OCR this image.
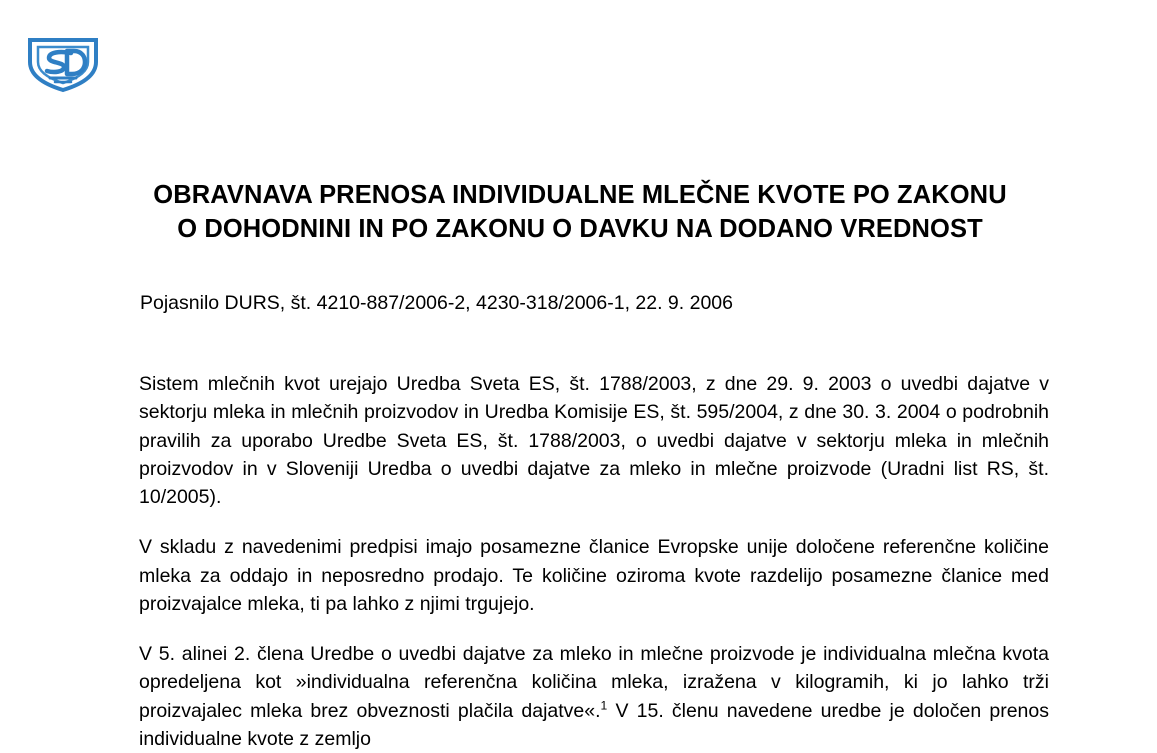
OBRAVNAVA PRENOSA INDIVIDUALNE MLEČNE KVOTE PO ZAKONU O DOHODNINI IN PO ZAKONU O DAVKU NA DODANO VREDNOST
Pojasnilo DURS, št. 4210-887/2006-2, 4230-318/2006-1, 22. 9. 2006

Sistem mlečnih kvot urejajo Uredba Sveta ES, št. 1788/2003, z dne 29. 9. 2003 o uvedbi dajatve v sektorju mleka in mlečnih proizvodov in Uredba Komisije ES, št. 595/2004, z dne 30. 3. 2004 o podrobnih pravilih za uporabo Uredbe Sveta ES, št. 1788/2003, o uvedbi dajatve v sektorju mleka in mlečnih proizvodov in v Sloveniji Uredba o uvedbi dajatve za mleko in mlečne proizvode (Uradni list RS, št. 10/2005).

V skladu z navedenimi predpisi imajo posamezne članice Evropske unije določene referenčne količine mleka za oddajo in neposredno prodajo. Te količine oziroma kvote razdelijo posamezne članice med proizvajalce mleka, ti pa lahko z njimi trgujejo.

V 5. alinei 2. člena Uredbe o uvedbi dajatve za mleko in mlečne proizvode je individualna mlečna kvota opredeljena kot »individualna referenčna količina mleka, izražena v kilogramih, ki jo lahko trži proizvajalec mleka brez obveznosti plačila dajatve«.$^1$ V 15. členu navedene uredbe je določen prenos individualne kvote z zemljo
